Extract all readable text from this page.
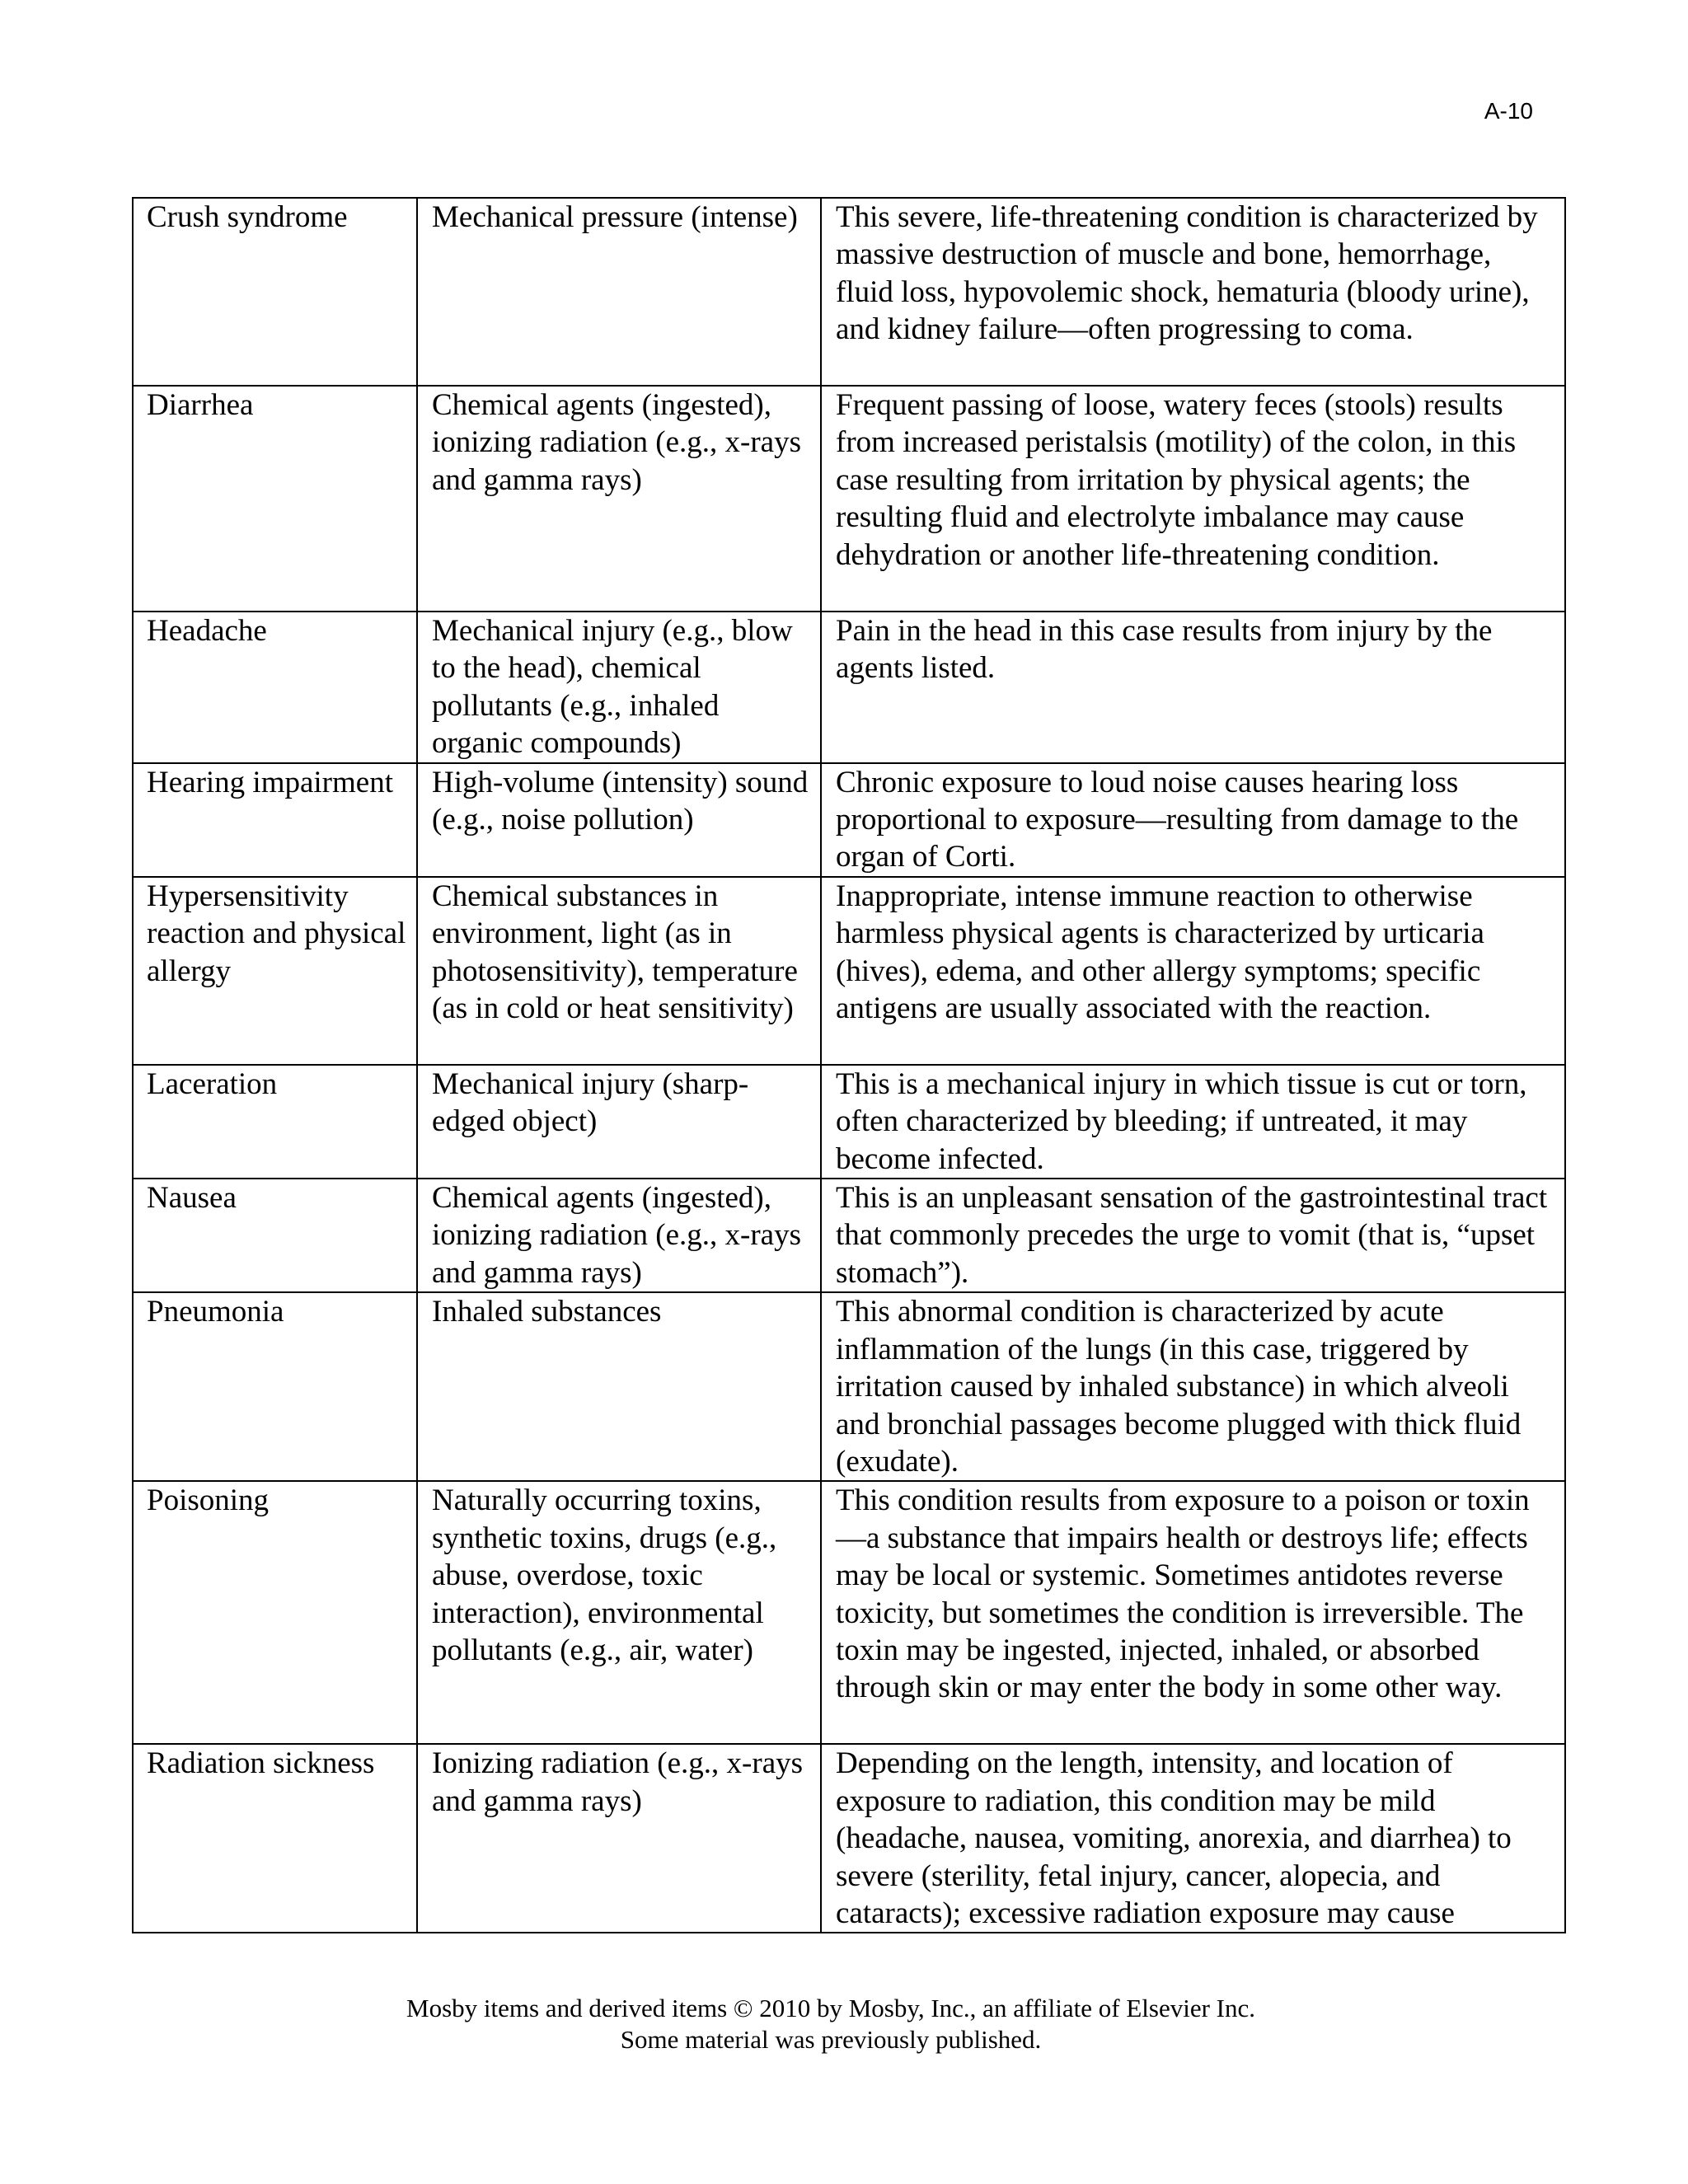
A-10
Crush syndrome	Mechanical pressure (intense)	This severe, life-threatening condition is characterized by massive destruction of muscle and bone, hemorrhage, fluid loss, hypovolemic shock, hematuria (bloody urine), and kidney failure—often progressing to coma.
Diarrhea	Chemical agents (ingested), ionizing radiation (e.g., x-rays and gamma rays)	Frequent passing of loose, watery feces (stools) results from increased peristalsis (motility) of the colon, in this case resulting from irritation by physical agents; the resulting fluid and electrolyte imbalance may cause dehydration or another life-threatening condition.
Headache	Mechanical injury (e.g., blow to the head), chemical pollutants (e.g., inhaled organic compounds)	Pain in the head in this case results from injury by the agents listed.
Hearing impairment	High-volume (intensity) sound (e.g., noise pollution)	Chronic exposure to loud noise causes hearing loss proportional to exposure—resulting from damage to the organ of Corti.
Hypersensitivity reaction and physical allergy	Chemical substances in environment, light (as in photosensitivity), temperature (as in cold or heat sensitivity)	Inappropriate, intense immune reaction to otherwise harmless physical agents is characterized by urticaria (hives), edema, and other allergy symptoms; specific antigens are usually associated with the reaction.
Laceration	Mechanical injury (sharp-edged object)	This is a mechanical injury in which tissue is cut or torn, often characterized by bleeding; if untreated, it may become infected.
Nausea	Chemical agents (ingested), ionizing radiation (e.g., x-rays and gamma rays)	This is an unpleasant sensation of the gastrointestinal tract that commonly precedes the urge to vomit (that is, “upset stomach”).
Pneumonia	Inhaled substances	This abnormal condition is characterized by acute inflammation of the lungs (in this case, triggered by irritation caused by inhaled substance) in which alveoli and bronchial passages become plugged with thick fluid (exudate).
Poisoning	Naturally occurring toxins, synthetic toxins, drugs (e.g., abuse, overdose, toxic interaction), environmental pollutants (e.g., air, water)	This condition results from exposure to a poison or toxin—a substance that impairs health or destroys life; effects may be local or systemic. Sometimes antidotes reverse toxicity, but sometimes the condition is irreversible. The toxin may be ingested, injected, inhaled, or absorbed through skin or may enter the body in some other way.
Radiation sickness	Ionizing radiation (e.g., x-rays and gamma rays)	Depending on the length, intensity, and location of exposure to radiation, this condition may be mild (headache, nausea, vomiting, anorexia, and diarrhea) to severe (sterility, fetal injury, cancer, alopecia, and cataracts); excessive radiation exposure may cause
Mosby items and derived items © 2010 by Mosby, Inc., an affiliate of Elsevier Inc.
Some material was previously published.
